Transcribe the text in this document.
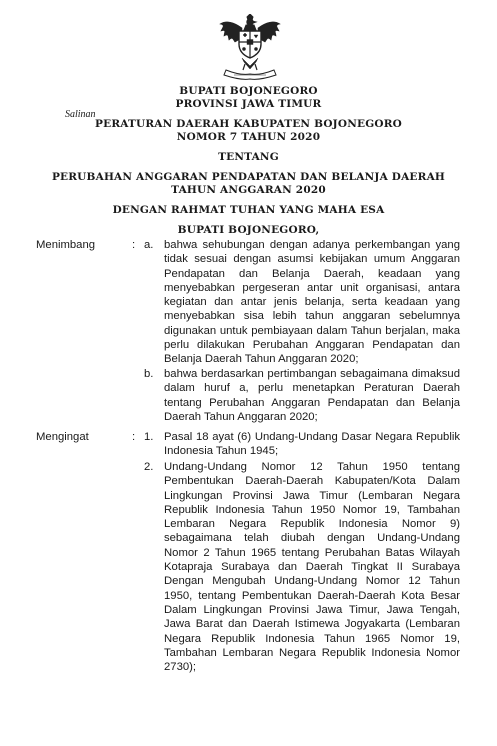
BUPATI BOJONEGORO
PROVINSI JAWA TIMUR
Salinan
PERATURAN DAERAH KABUPATEN BOJONEGORO
NOMOR 7 TAHUN 2020
TENTANG
PERUBAHAN ANGGARAN PENDAPATAN DAN BELANJA DAERAH
TAHUN ANGGARAN 2020
DENGAN RAHMAT TUHAN YANG MAHA ESA
BUPATI BOJONEGORO,
Menimbang	: a. bahwa sehubungan dengan adanya perkembangan yang tidak sesuai dengan asumsi kebijakan umum Anggaran Pendapatan dan Belanja Daerah, keadaan yang menyebabkan pergeseran antar unit organisasi, antara kegiatan dan antar jenis belanja, serta keadaan yang menyebabkan sisa lebih tahun anggaran sebelumnya digunakan untuk pembiayaan dalam Tahun berjalan, maka perlu dilakukan Perubahan Anggaran Pendapatan dan Belanja Daerah Tahun Anggaran 2020;
b. bahwa berdasarkan pertimbangan sebagaimana dimaksud dalam huruf a, perlu menetapkan Peraturan Daerah tentang Perubahan Anggaran Pendapatan dan Belanja Daerah Tahun Anggaran 2020;
Mengingat	: 1. Pasal 18 ayat (6) Undang-Undang Dasar Negara Republik Indonesia Tahun 1945;
2. Undang-Undang Nomor 12 Tahun 1950 tentang Pembentukan Daerah-Daerah Kabupaten/Kota Dalam Lingkungan Provinsi Jawa Timur (Lembaran Negara Republik Indonesia Tahun 1950 Nomor 19, Tambahan Lembaran Negara Republik Indonesia Nomor 9) sebagaimana telah diubah dengan Undang-Undang Nomor 2 Tahun 1965 tentang Perubahan Batas Wilayah Kotapraja Surabaya dan Daerah Tingkat II Surabaya Dengan Mengubah Undang-Undang Nomor 12 Tahun 1950, tentang Pembentukan Daerah-Daerah Kota Besar Dalam Lingkungan Provinsi Jawa Timur, Jawa Tengah, Jawa Barat dan Daerah Istimewa Jogyakarta (Lembaran Negara Republik Indonesia Tahun 1965 Nomor 19, Tambahan Lembaran Negara Republik Indonesia Nomor 2730);
